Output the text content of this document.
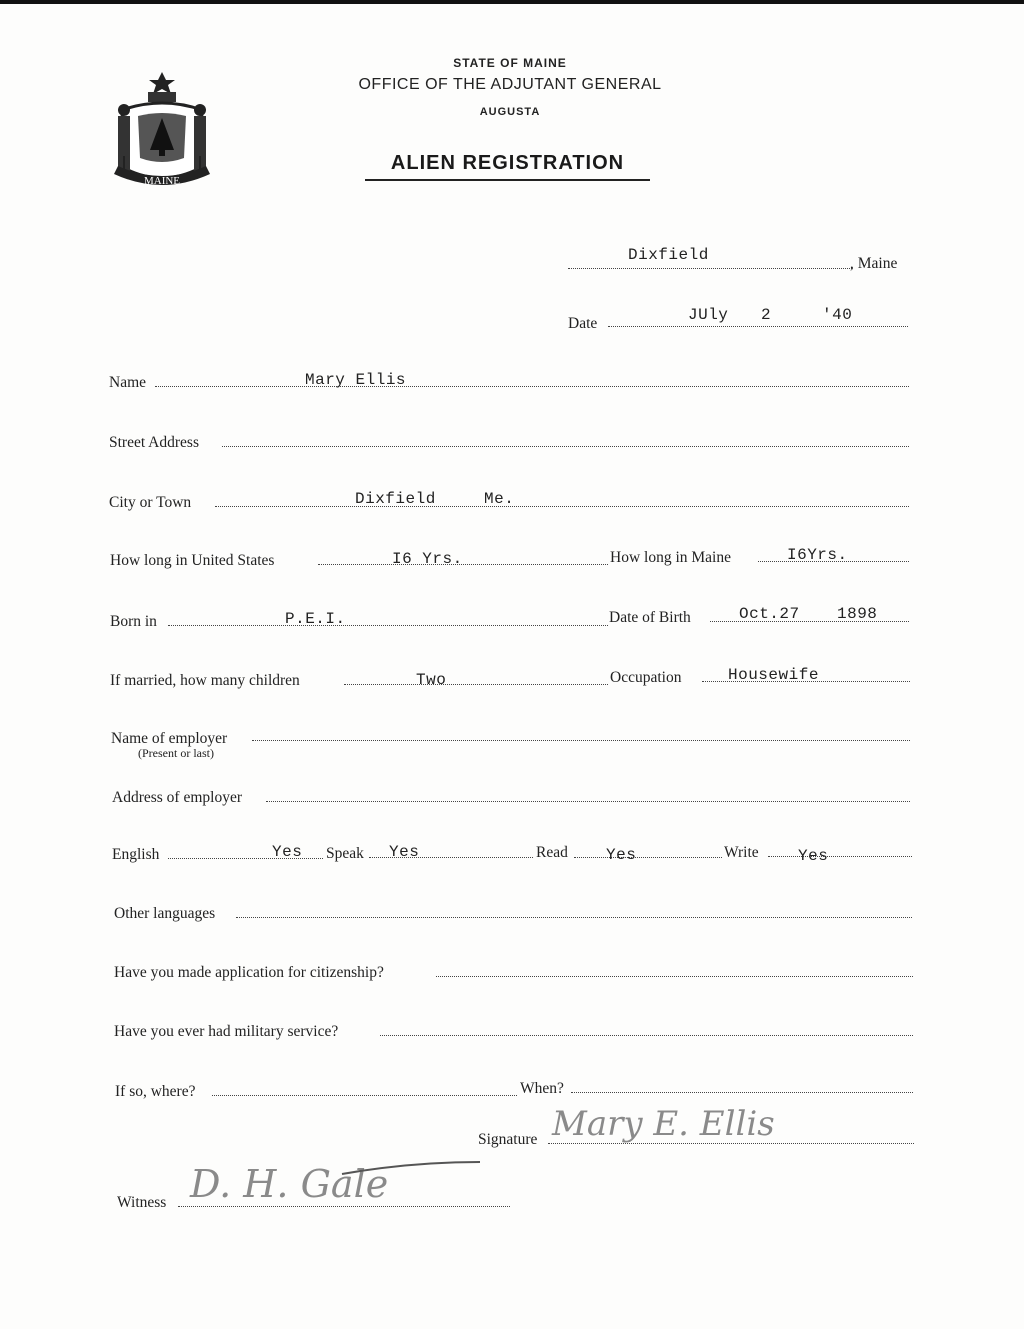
MAINE
STATE OF MAINE
OFFICE OF THE ADJUTANT GENERAL
AUGUSTA
ALIEN REGISTRATION
Dixfield	, Maine
Date	JUly 2	'40
Name	Mary Ellis
Street Address
City or Town	Dixfield	Me.
How long in United States	I6 Yrs.	How long in Maine	I6Yrs.
Born in	P.E.I.	Date of Birth	Oct.27 1898
If married, how many children	Two	Occupation	Housewife
Name of employer
(Present or last)
Address of employer
English	Yes Speak Yes	Read Yes	Write Yes
Other languages
Have you made application for citizenship?
Have you ever had military service?
If so, where?	When?
Signature Mary E. Ellis
Witness D. H. Gale
